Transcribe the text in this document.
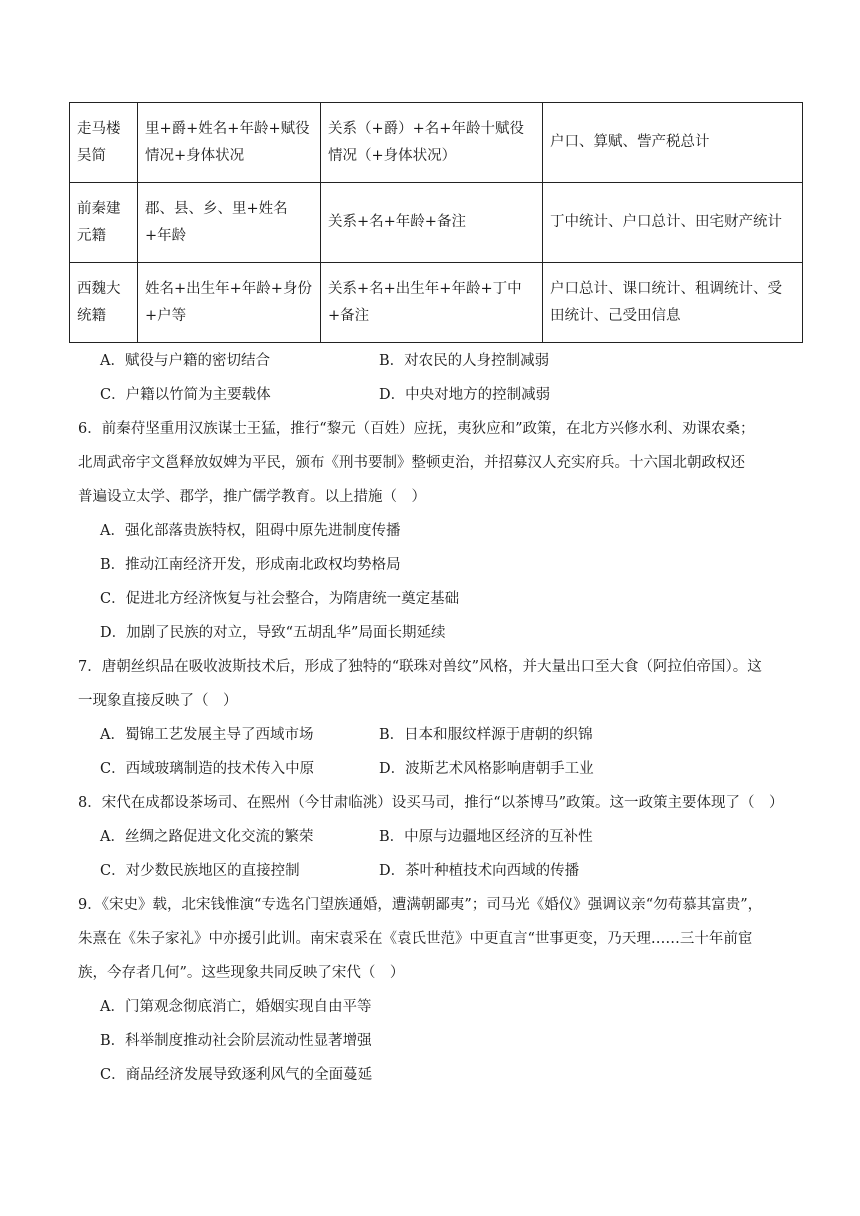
走马楼吴简	里+爵+姓名+年龄+赋役情况+身体状况	关系（+爵）+名+年龄十赋役情况（+身体状况）	户口、算赋、訾产税总计
前秦建元籍	郡、县、乡、里+姓名+年龄	关系+名+年龄+备注	丁中统计、户口总计、田宅财产统计
西魏大统籍	姓名+出生年+年龄+身份+户等	关系+名+出生年+年龄+丁中+备注	户口总计、课口统计、租调统计、受田统计、己受田信息
A．赋役与户籍的密切结合	B．对农民的人身控制减弱
C．户籍以竹简为主要载体	D．中央对地方的控制减弱
6．前秦苻坚重用汉族谋士王猛，推行“黎元（百姓）应抚，夷狄应和”政策，在北方兴修水利、劝课农桑；
北周武帝宇文邕释放奴婢为平民，颁布《刑书要制》整顿吏治，并招募汉人充实府兵。十六国北朝政权还
普遍设立太学、郡学，推广儒学教育。以上措施（　）
A．强化部落贵族特权，阻碍中原先进制度传播
B．推动江南经济开发，形成南北政权均势格局
C．促进北方经济恢复与社会整合，为隋唐统一奠定基础
D．加剧了民族的对立，导致“五胡乱华”局面长期延续
7．唐朝丝织品在吸收波斯技术后，形成了独特的“联珠对兽纹”风格，并大量出口至大食（阿拉伯帝国）。这
一现象直接反映了（　）
A．蜀锦工艺发展主导了西域市场	B．日本和服纹样源于唐朝的织锦
C．西域玻璃制造的技术传入中原	D．波斯艺术风格影响唐朝手工业
8．宋代在成都设茶场司、在熙州（今甘肃临洮）设买马司，推行“以茶博马”政策。这一政策主要体现了（　）
A．丝绸之路促进文化交流的繁荣	B．中原与边疆地区经济的互补性
C．对少数民族地区的直接控制	D．茶叶种植技术向西域的传播
9．《宋史》载，北宋钱惟演“专选名门望族通婚，遭满朝鄙夷”；司马光《婚仪》强调议亲“勿苟慕其富贵”，
朱熹在《朱子家礼》中亦援引此训。南宋袁采在《袁氏世范》中更直言“世事更变，乃天理……三十年前宦
族，今存者几何”。这些现象共同反映了宋代（　）
A．门第观念彻底消亡，婚姻实现自由平等
B．科举制度推动社会阶层流动性显著增强
C．商品经济发展导致逐利风气的全面蔓延
